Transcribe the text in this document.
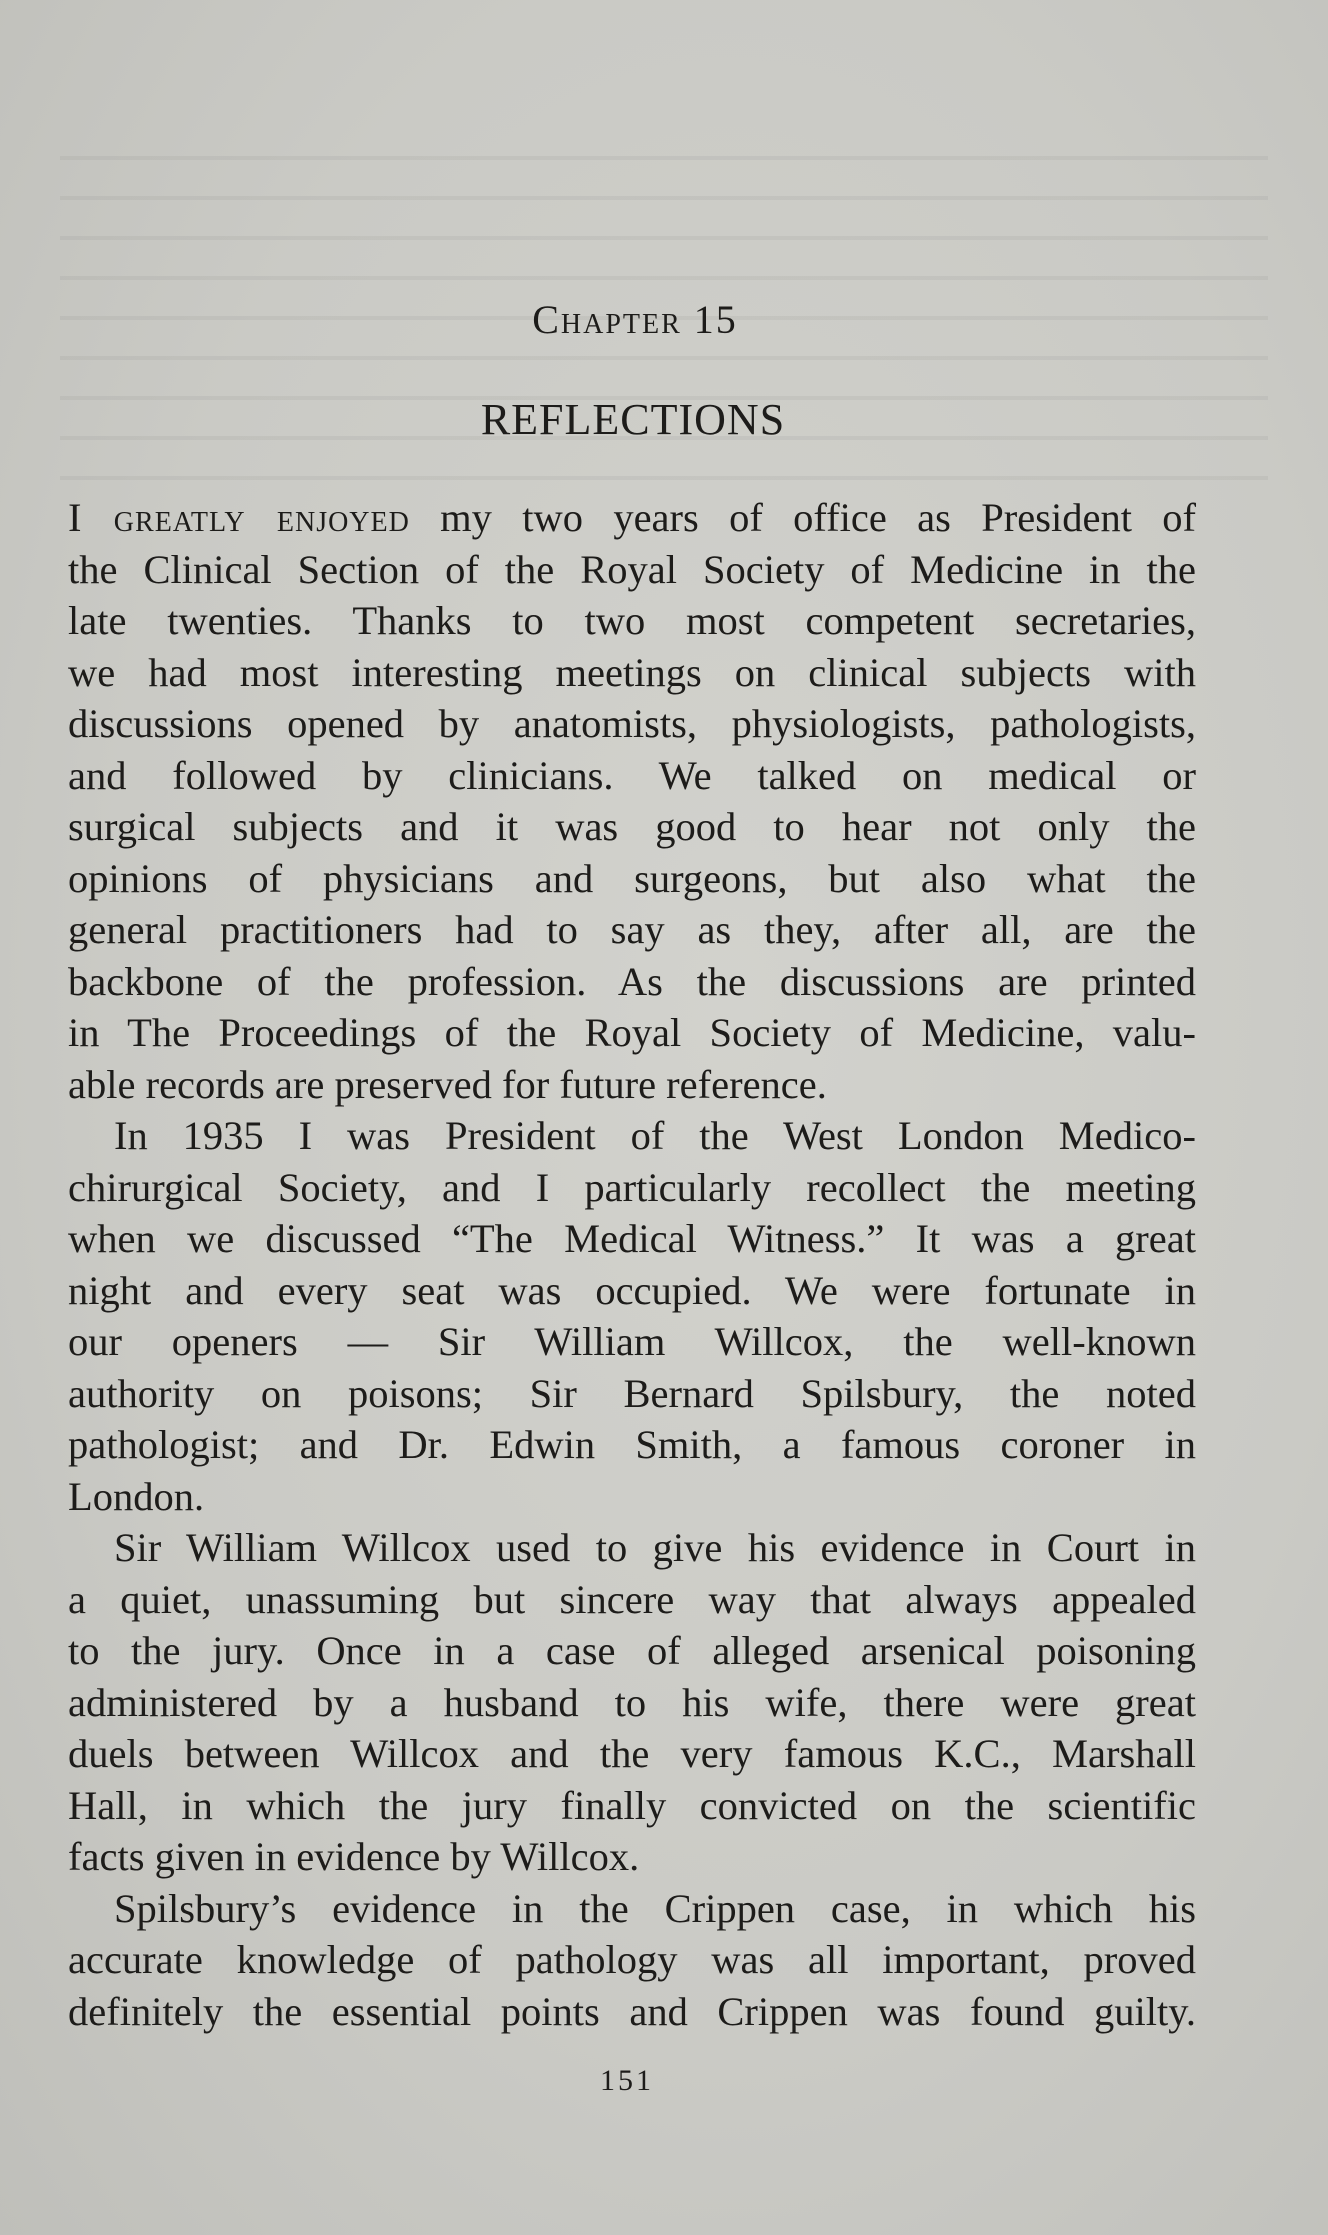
Chapter 15
REFLECTIONS
I greatly enjoyed my two years of office as President of
the Clinical Section of the Royal Society of Medicine in the
late twenties. Thanks to two most competent secretaries,
we had most interesting meetings on clinical subjects with
discussions opened by anatomists, physiologists, pathologists,
and followed by clinicians. We talked on medical or
surgical subjects and it was good to hear not only the
opinions of physicians and surgeons, but also what the
general practitioners had to say as they, after all, are the
backbone of the profession. As the discussions are printed
in The Proceedings of the Royal Society of Medicine, valu-
able records are preserved for future reference.
In 1935 I was President of the West London Medico-
chirurgical Society, and I particularly recollect the meeting
when we discussed “The Medical Witness.” It was a great
night and every seat was occupied. We were fortunate in
our openers — Sir William Willcox, the well-known
authority on poisons; Sir Bernard Spilsbury, the noted
pathologist; and Dr. Edwin Smith, a famous coroner in
London.
Sir William Willcox used to give his evidence in Court in
a quiet, unassuming but sincere way that always appealed
to the jury. Once in a case of alleged arsenical poisoning
administered by a husband to his wife, there were great
duels between Willcox and the very famous K.C., Marshall
Hall, in which the jury finally convicted on the scientific
facts given in evidence by Willcox.
Spilsbury’s evidence in the Crippen case, in which his
accurate knowledge of pathology was all important, proved
definitely the essential points and Crippen was found guilty.
151
